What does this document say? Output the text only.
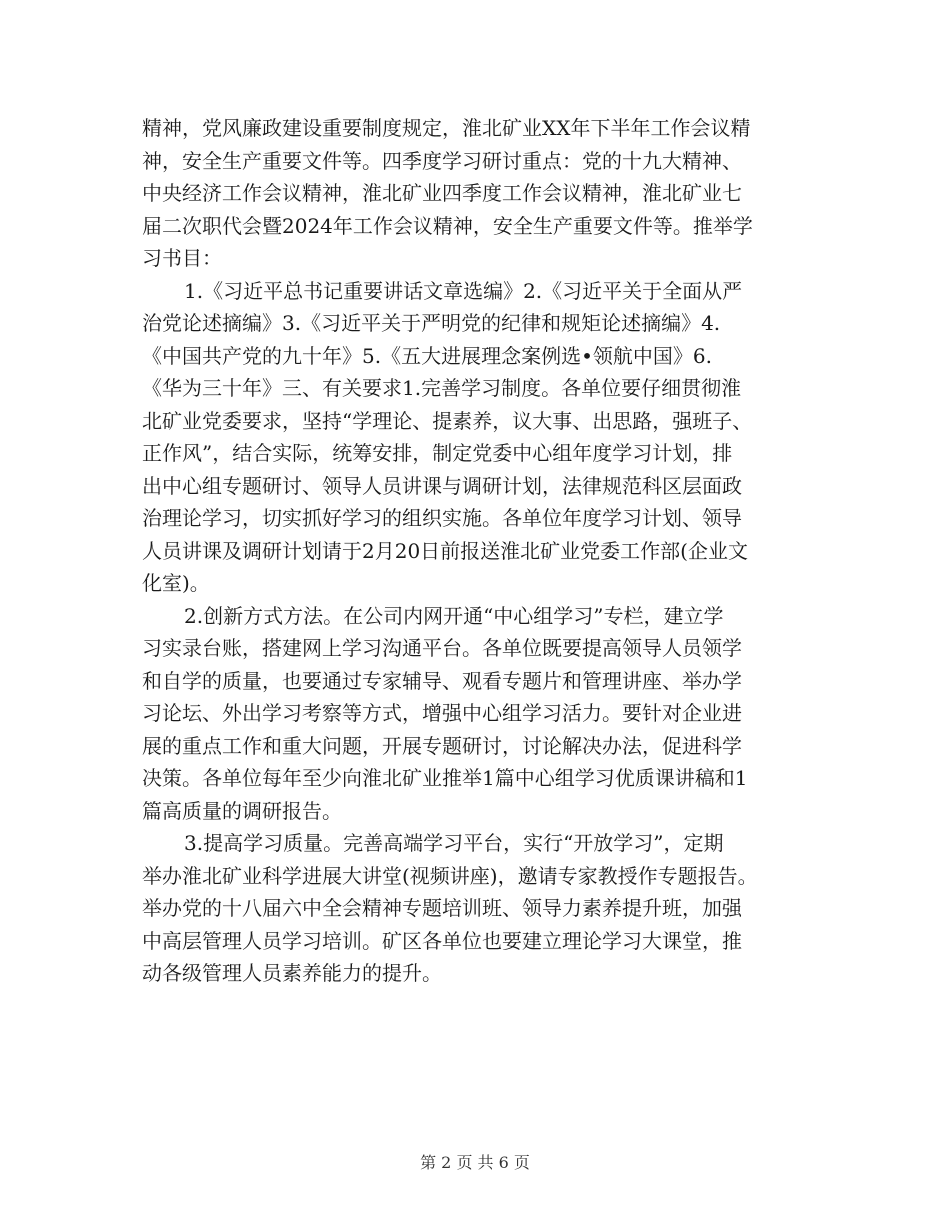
精神，党风廉政建设重要制度规定，淮北矿业XX年下半年工作会议精
神，安全生产重要文件等。四季度学习研讨重点：党的十九大精神、
中央经济工作会议精神，淮北矿业四季度工作会议精神，淮北矿业七
届二次职代会暨2024年工作会议精神，安全生产重要文件等。推举学
习书目：
1.《习近平总书记重要讲话文章选编》2.《习近平关于全面从严
治党论述摘编》3.《习近平关于严明党的纪律和规矩论述摘编》4.
《中国共产党的九十年》5.《五大进展理念案例选•领航中国》6.
《华为三十年》三、有关要求1.完善学习制度。各单位要仔细贯彻淮
北矿业党委要求，坚持“学理论、提素养，议大事、出思路，强班子、
正作风”，结合实际，统筹安排，制定党委中心组年度学习计划，排
出中心组专题研讨、领导人员讲课与调研计划，法律规范科区层面政
治理论学习，切实抓好学习的组织实施。各单位年度学习计划、领导
人员讲课及调研计划请于2月20日前报送淮北矿业党委工作部(企业文
化室)。
2.创新方式方法。在公司内网开通“中心组学习”专栏，建立学
习实录台账，搭建网上学习沟通平台。各单位既要提高领导人员领学
和自学的质量，也要通过专家辅导、观看专题片和管理讲座、举办学
习论坛、外出学习考察等方式，增强中心组学习活力。要针对企业进
展的重点工作和重大问题，开展专题研讨，讨论解决办法，促进科学
决策。各单位每年至少向淮北矿业推举1篇中心组学习优质课讲稿和1
篇高质量的调研报告。
3.提高学习质量。完善高端学习平台，实行“开放学习”，定期
举办淮北矿业科学进展大讲堂(视频讲座)，邀请专家教授作专题报告。
举办党的十八届六中全会精神专题培训班、领导力素养提升班，加强
中高层管理人员学习培训。矿区各单位也要建立理论学习大课堂，推
动各级管理人员素养能力的提升。
第 2 页 共 6 页
